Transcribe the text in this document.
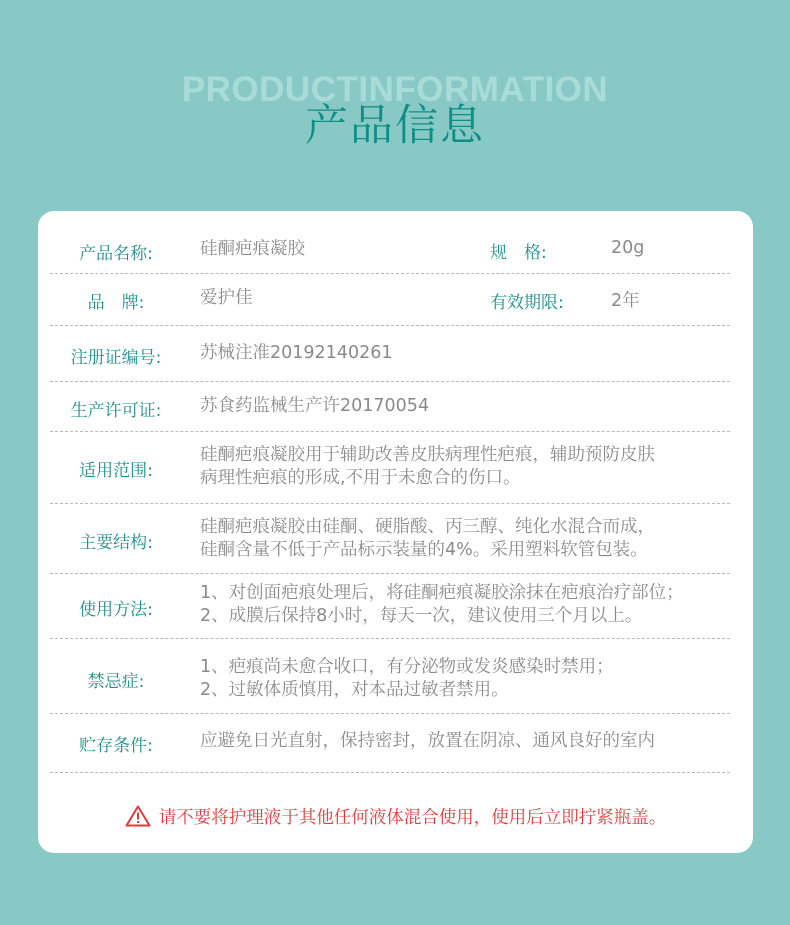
PRODUCTINFORMATION
产品信息
产品名称:	硅酮疤痕凝胶	规　格:	20g
品　牌:	爱护佳	有效期限:	2年
注册证编号:	苏械注准20192140261
生产许可证:	苏食药监械生产许20170054
适用范围:
硅酮疤痕凝胶用于辅助改善皮肤病理性疤痕，辅助预防皮肤
病理性疤痕的形成,不用于未愈合的伤口。
主要结构:
硅酮疤痕凝胶由硅酮、硬脂酸、丙三醇、纯化水混合而成，
硅酮含量不低于产品标示装量的4%。采用塑料软管包装。
使用方法:
1、对创面疤痕处理后，将硅酮疤痕凝胶涂抹在疤痕治疗部位；
2、成膜后保持8小时，每天一次，建议使用三个月以上。
禁忌症:
1、疤痕尚未愈合收口，有分泌物或发炎感染时禁用；
2、过敏体质慎用，对本品过敏者禁用。
贮存条件:	应避免日光直射，保持密封，放置在阴凉、通风良好的室内
请不要将护理液于其他任何液体混合使用，使用后立即拧紧瓶盖。
